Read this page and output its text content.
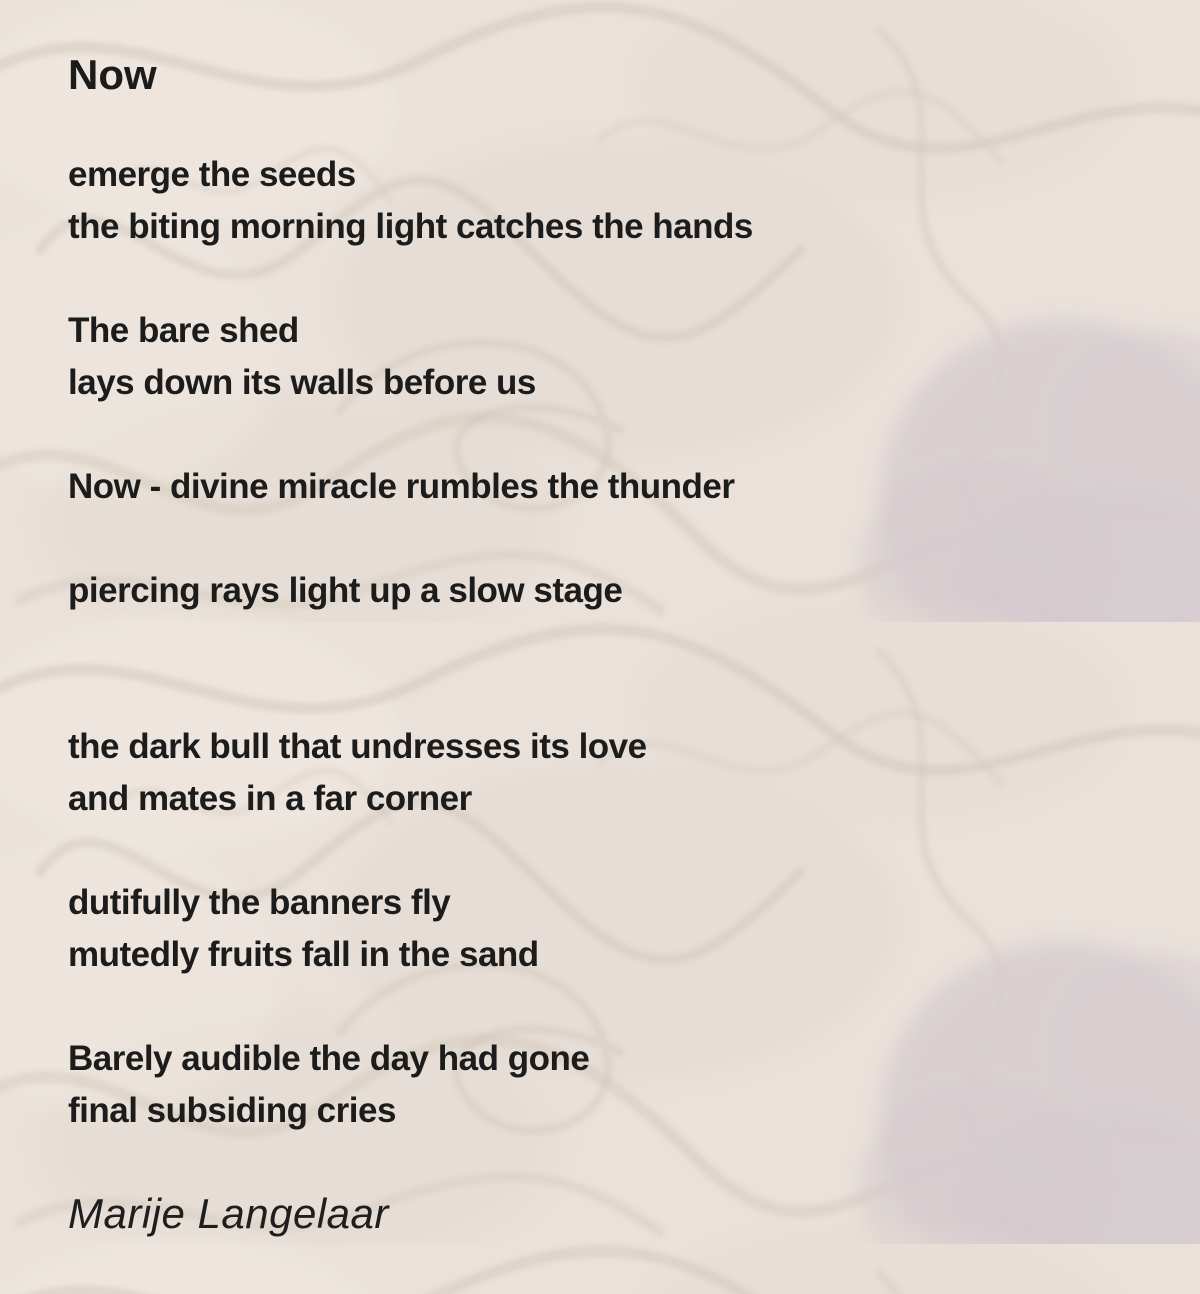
Now
emerge the seeds
the biting morning light catches the hands

The bare shed
lays down its walls before us

Now - divine miracle rumbles the thunder

piercing rays light up a slow stage

the dark bull that undresses its love
and mates in a far corner

dutifully the banners fly
mutedly fruits fall in the sand

Barely audible the day had gone
final subsiding cries

Marije Langelaar
